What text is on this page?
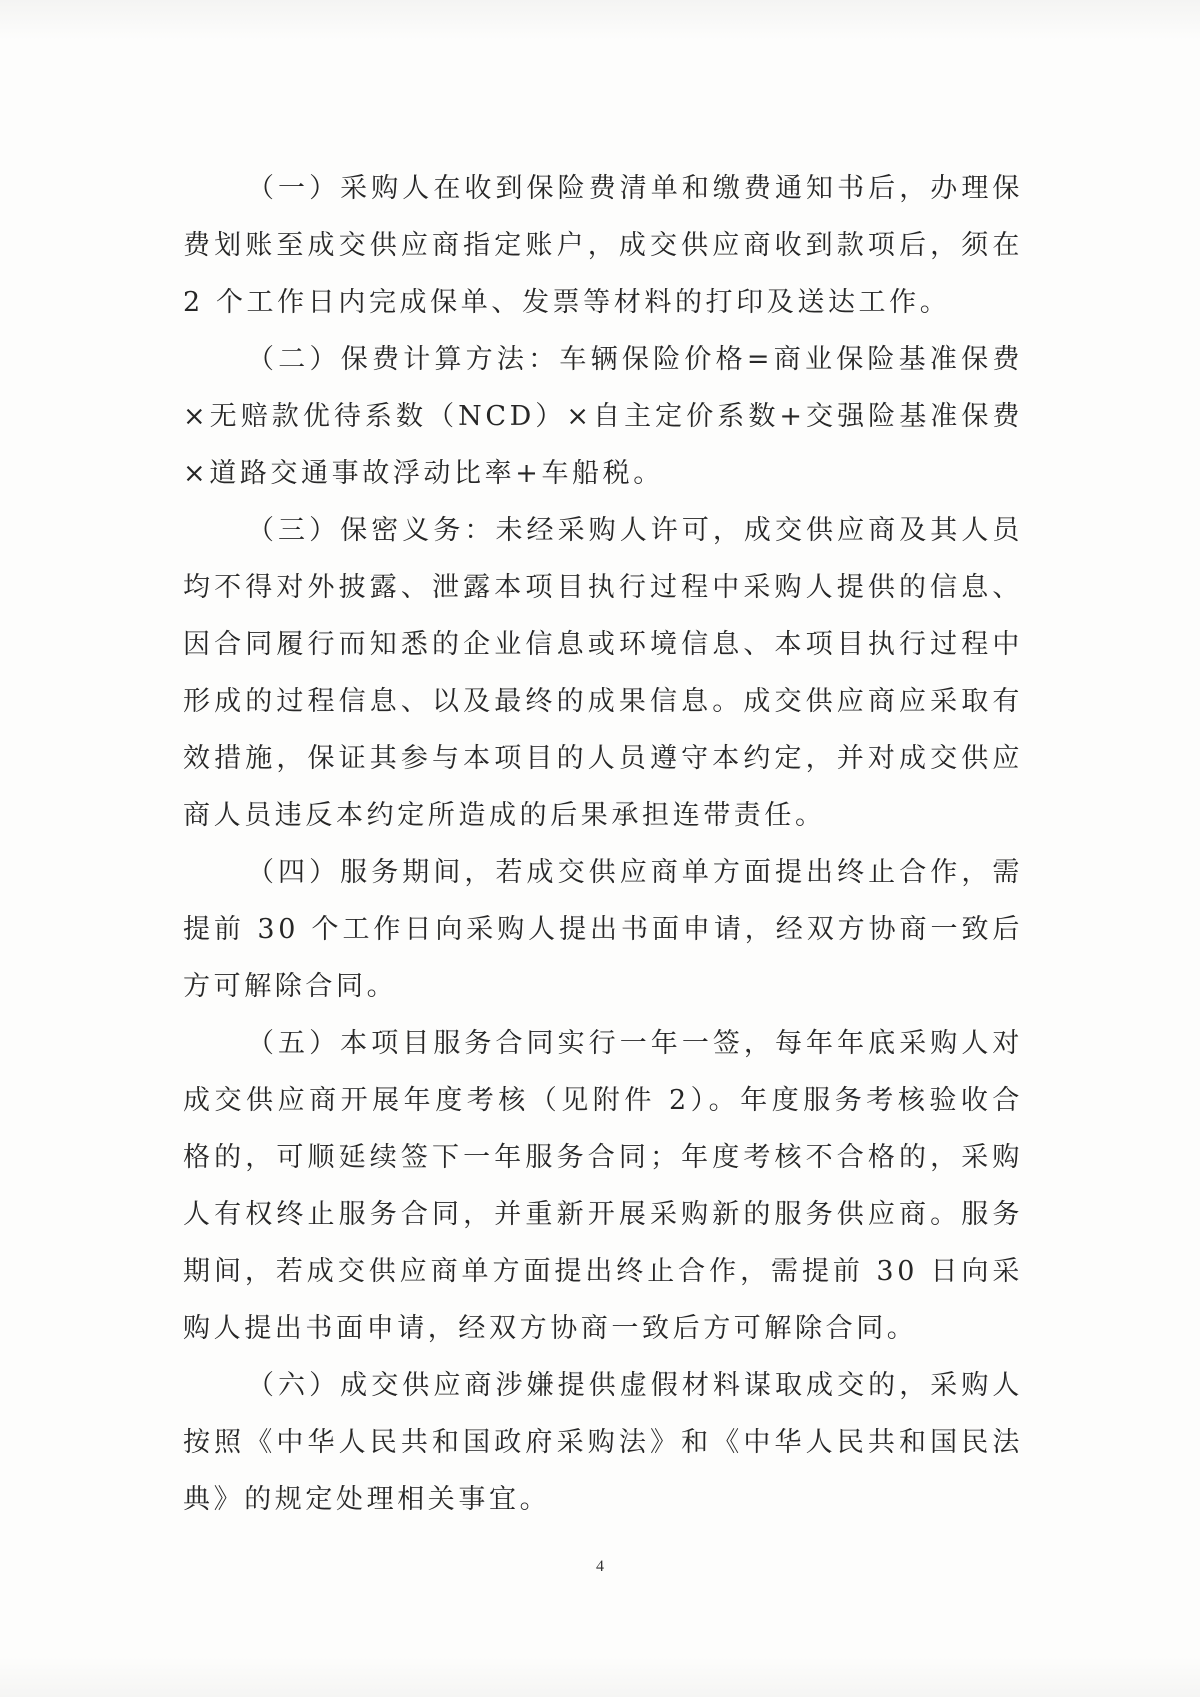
（一）采购人在收到保险费清单和缴费通知书后，办理保费划账至成交供应商指定账户，成交供应商收到款项后，须在 2 个工作日内完成保单、发票等材料的打印及送达工作。

（二）保费计算方法：车辆保险价格=商业保险基准保费×无赔款优待系数（NCD）×自主定价系数+交强险基准保费×道路交通事故浮动比率+车船税。

（三）保密义务：未经采购人许可，成交供应商及其人员均不得对外披露、泄露本项目执行过程中采购人提供的信息、因合同履行而知悉的企业信息或环境信息、本项目执行过程中形成的过程信息、以及最终的成果信息。成交供应商应采取有效措施，保证其参与本项目的人员遵守本约定，并对成交供应商人员违反本约定所造成的后果承担连带责任。

（四）服务期间，若成交供应商单方面提出终止合作，需提前 30 个工作日向采购人提出书面申请，经双方协商一致后方可解除合同。

（五）本项目服务合同实行一年一签，每年年底采购人对成交供应商开展年度考核（见附件 2）。年度服务考核验收合格的，可顺延续签下一年服务合同；年度考核不合格的，采购人有权终止服务合同，并重新开展采购新的服务供应商。服务期间，若成交供应商单方面提出终止合作，需提前 30 日向采购人提出书面申请，经双方协商一致后方可解除合同。

（六）成交供应商涉嫌提供虚假材料谋取成交的，采购人按照《中华人民共和国政府采购法》和《中华人民共和国民法典》的规定处理相关事宜。

4
